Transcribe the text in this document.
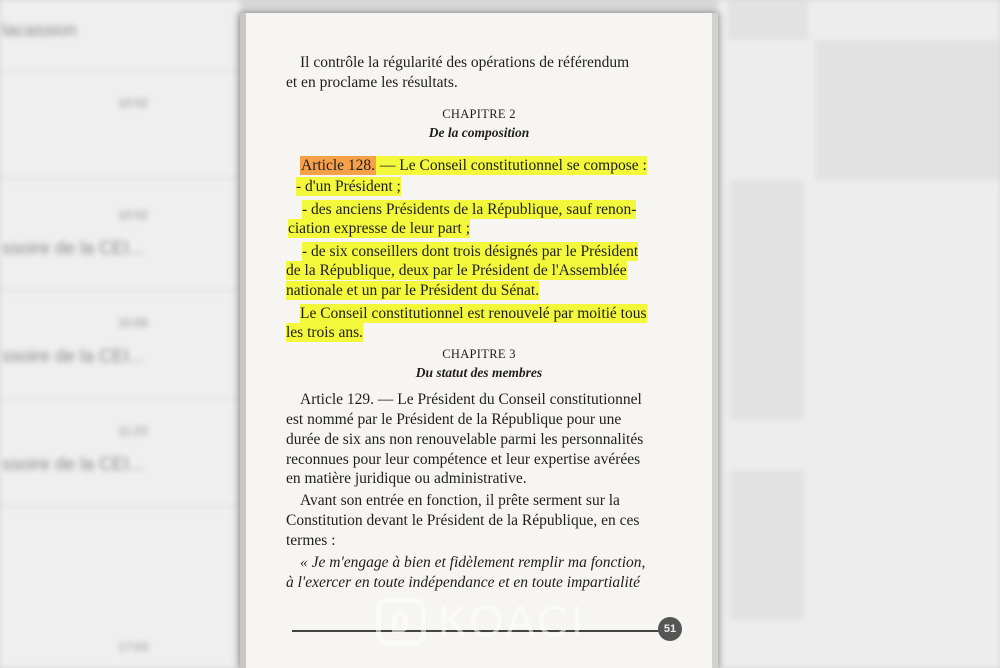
lacassion
10:02
10:02
ssoire de la CEI...
10:05
ssoire de la CEI...
11:23
ssoire de la CEI...
17:03
Il contrôle la régularité des opérations de référendum
et en proclame les résultats.
CHAPITRE 2
De la composition
Article 128. — Le Conseil constitutionnel se compose :
- d'un Président ;
- des anciens Présidents de la République, sauf renon-
ciation expresse de leur part ;
- de six conseillers dont trois désignés par le Président
de la République, deux par le Président de l'Assemblée
nationale et un par le Président du Sénat.
Le Conseil constitutionnel est renouvelé par moitié tous
les trois ans.
CHAPITRE 3
Du statut des membres
Article 129. — Le Président du Conseil constitutionnel
est nommé par le Président de la République pour une
durée de six ans non renouvelable parmi les personnalités
reconnues pour leur compétence et leur expertise avérées
en matière juridique ou administrative.
Avant son entrée en fonction, il prête serment sur la
Constitution devant le Président de la République, en ces
termes :
« Je m'engage à bien et fidèlement remplir ma fonction,
à l'exercer en toute indépendance et en toute impartialité
51
KOACI
